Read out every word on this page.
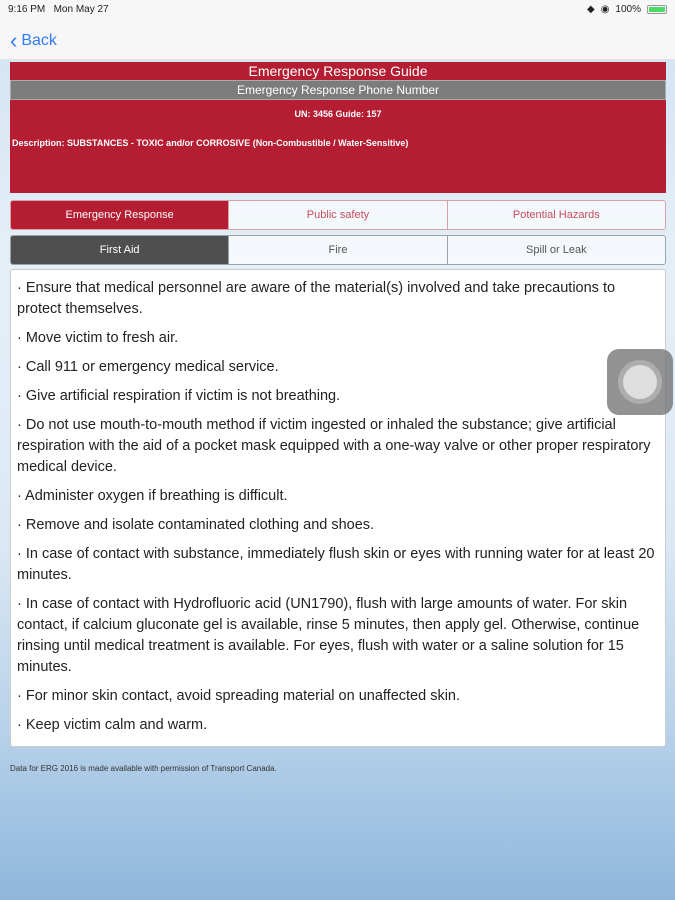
9:16 PM Mon May 27	◆ ◉ 100%
‹ Back
Emergency Response Guide
Emergency Response Phone Number
UN: 3456 Guide: 157
Description: SUBSTANCES - TOXIC and/or CORROSIVE (Non-Combustible / Water-Sensitive)
Emergency Response	Public safety	Potential Hazards
First Aid	Fire	Spill or Leak

· Ensure that medical personnel are aware of the material(s) involved and take precautions to protect themselves.

· Move victim to fresh air.

· Call 911 or emergency medical service.

· Give artificial respiration if victim is not breathing.

· Do not use mouth-to-mouth method if victim ingested or inhaled the substance; give artificial respiration with the aid of a pocket mask equipped with a one-way valve or other proper respiratory medical device.

· Administer oxygen if breathing is difficult.

· Remove and isolate contaminated clothing and shoes.

· In case of contact with substance, immediately flush skin or eyes with running water for at least 20 minutes.

· In case of contact with Hydrofluoric acid (UN1790), flush with large amounts of water. For skin contact, if calcium gluconate gel is available, rinse 5 minutes, then apply gel. Otherwise, continue rinsing until medical treatment is available. For eyes, flush with water or a saline solution for 15 minutes.

· For minor skin contact, avoid spreading material on unaffected skin.

· Keep victim calm and warm.

Data for ERG 2016 is made available with permission of Transport Canada.
